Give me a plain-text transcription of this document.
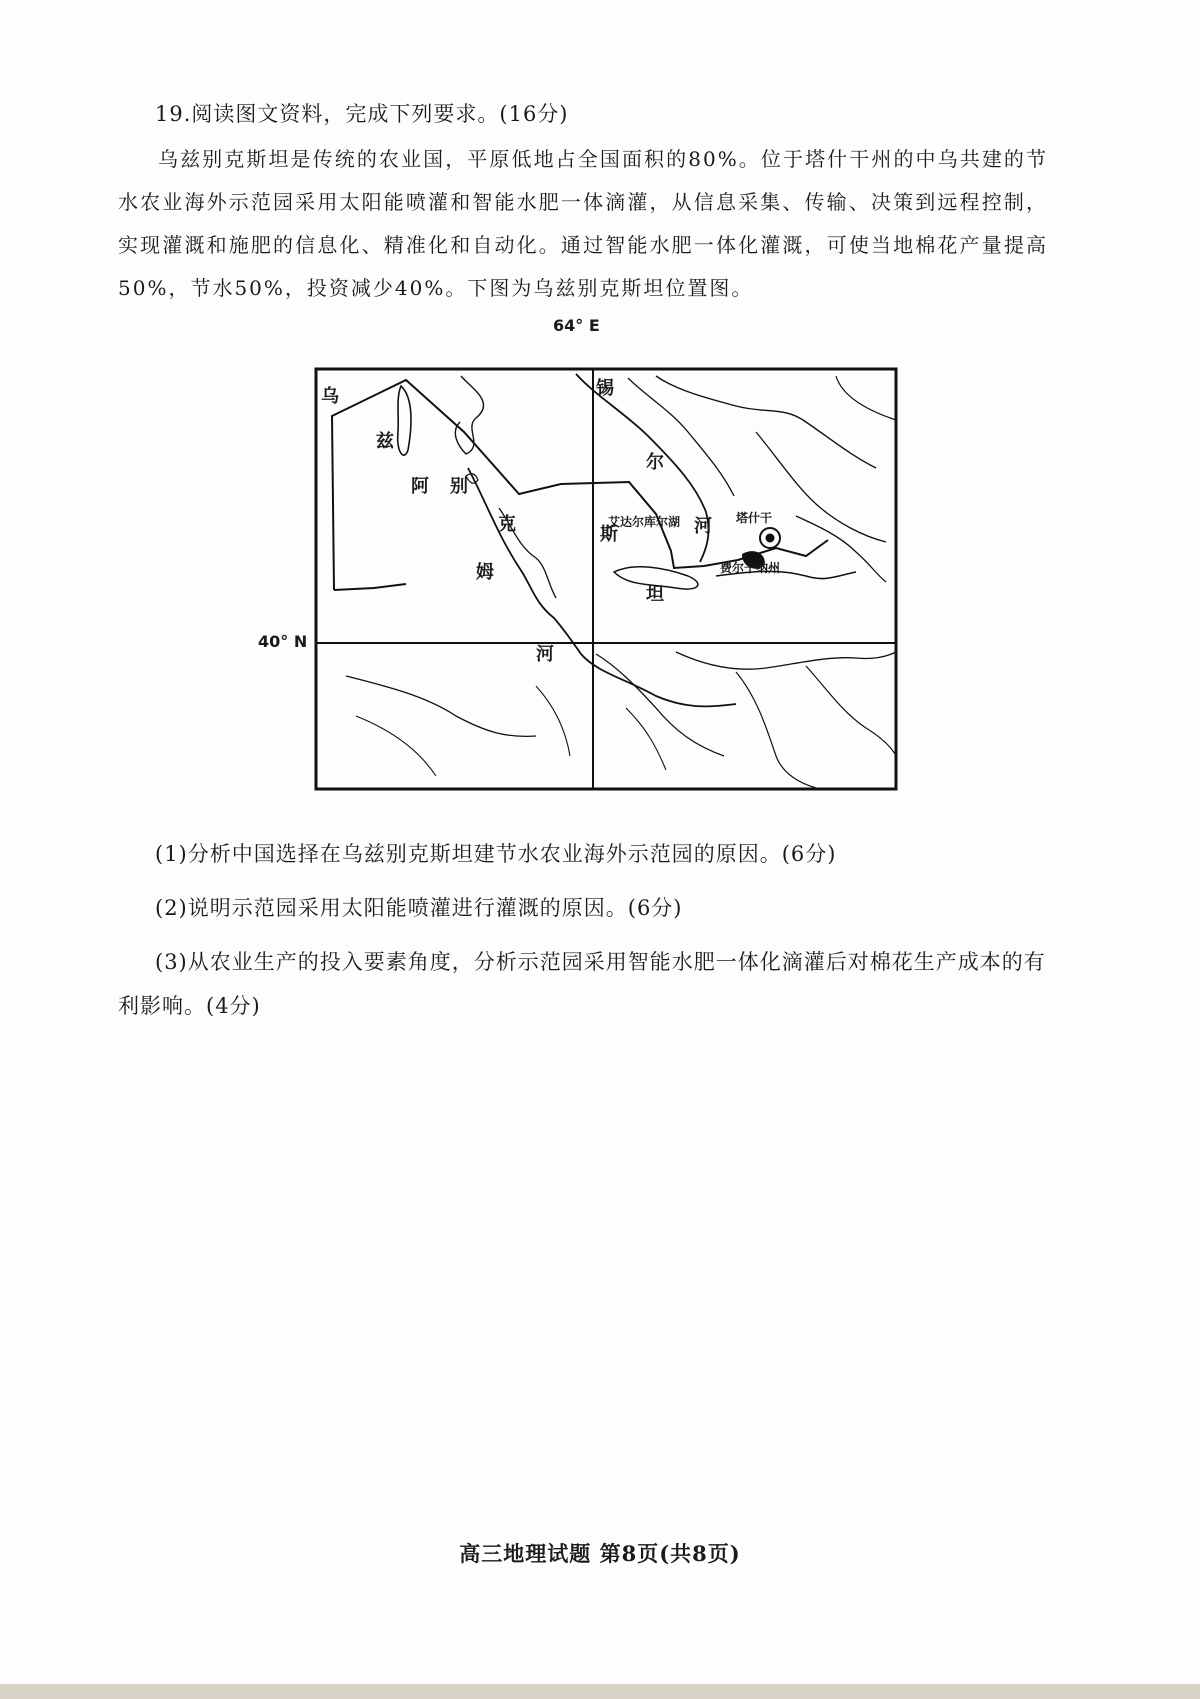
19.阅读图文资料，完成下列要求。(16分)

乌兹别克斯坦是传统的农业国，平原低地占全国面积的80%。位于塔什干州的中乌共建的节水农业海外示范园采用太阳能喷灌和智能水肥一体滴灌，从信息采集、传输、决策到远程控制，实现灌溉和施肥的信息化、精准化和自动化。通过智能水肥一体化灌溉，可使当地棉花产量提高50%，节水50%，投资减少40%。下图为乌兹别克斯坦位置图。

64° E
40° N
乌
兹
阿 别
克
姆
河
锡
尔
河
斯
坦
艾达尔库尔湖	塔什干
费尔干纳州
(1)分析中国选择在乌兹别克斯坦建节水农业海外示范园的原因。(6分)
(2)说明示范园采用太阳能喷灌进行灌溉的原因。(6分)

(3)从农业生产的投入要素角度，分析示范园采用智能水肥一体化滴灌后对棉花生产成本的有利影响。(4分)

高三地理试题 第8页(共8页)
